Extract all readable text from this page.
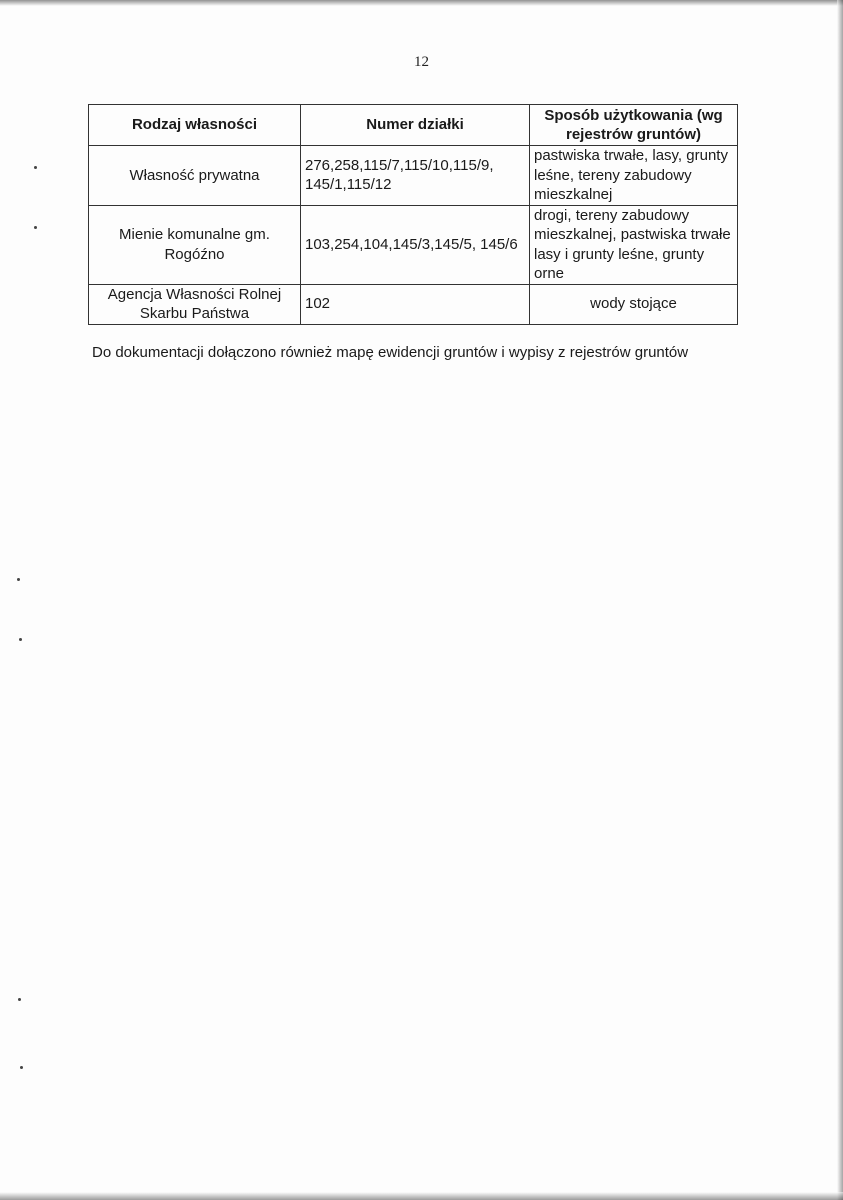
12
Rodzaj własności	Numer działki	Sposób użytkowania (wg rejestrów gruntów)
Własność prywatna	276,258,115/7,115/10,115/9, 145/1,115/12	pastwiska trwałe, lasy, grunty leśne, tereny zabudowy mieszkalnej
Mienie komunalne gm. Rogóźno	103,254,104,145/3,145/5, 145/6	drogi, tereny zabudowy mieszkalnej, pastwiska trwałe lasy i grunty leśne, grunty orne
Agencja Własności Rolnej Skarbu Państwa	102	wody stojące
Do dokumentacji dołączono również mapę ewidencji gruntów i wypisy z rejestrów gruntów
